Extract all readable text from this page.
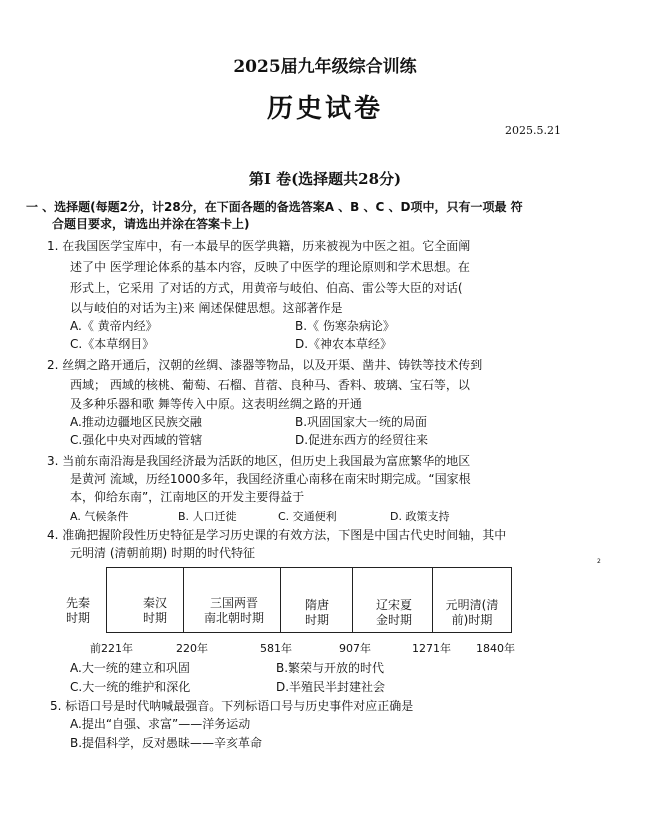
2025届九年级综合训练
历史试卷
2025.5.21
第Ⅰ 卷(选择题共28分)
一 、选择题(每题2分，计28分，在下面各题的备选答案A 、B 、C 、D项中，只有一项最 符
合题目要求，请选出并涂在答案卡上)
1. 在我国医学宝库中，有一本最早的医学典籍，历来被视为中医之祖。它全面阐
述了中 医学理论体系的基本内容，反映了中医学的理论原则和学术思想。在
形式上，它采用 了对话的方式，用黄帝与岐伯、伯高、雷公等大臣的对话(
以与岐伯的对话为主)来 阐述保健思想。这部著作是
A.《 黄帝内经》	B.《 伤寒杂病论》
C.《本草纲目》	D.《神农本草经》
2. 丝绸之路开通后，汉朝的丝绸、漆器等物品，以及开渠、凿井、铸铁等技术传到
西域； 西域的核桃、葡萄、石榴、苜蓿、良种马、香料、玻璃、宝石等，以
及多种乐器和歌 舞等传入中原。这表明丝绸之路的开通
A.推动边疆地区民族交融	B.巩固国家大一统的局面
C.强化中央对西域的管辖	D.促进东西方的经贸往来
3. 当前东南沿海是我国经济最为活跃的地区，但历史上我国最为富庶繁华的地区
是黄河 流域，历经1000多年，我国经济重心南移在南宋时期完成。“国家根
本，仰给东南”，江南地区的开发主要得益于
A. 气候条件	B. 人口迁徙	C. 交通便利	D. 政策支持
4. 准确把握阶段性历史特征是学习历史课的有效方法，下图是中国古代史时间轴，其中
元明清 (清朝前期) 时期的时代特征
2
先秦
时期
秦汉
时期
三国两晋
南北朝时期
隋唐
时期
辽宋夏
金时期
元明清(清
前)时期
前221年	220年	581年	907年	1271年 1840年
A.大一统的建立和巩固	B.繁荣与开放的时代
C.大一统的维护和深化	D.半殖民半封建社会
5. 标语口号是时代呐喊最强音。下列标语口号与历史事件对应正确是
A.提出“自强、求富”——洋务运动
B.提倡科学，反对愚昧——辛亥革命
